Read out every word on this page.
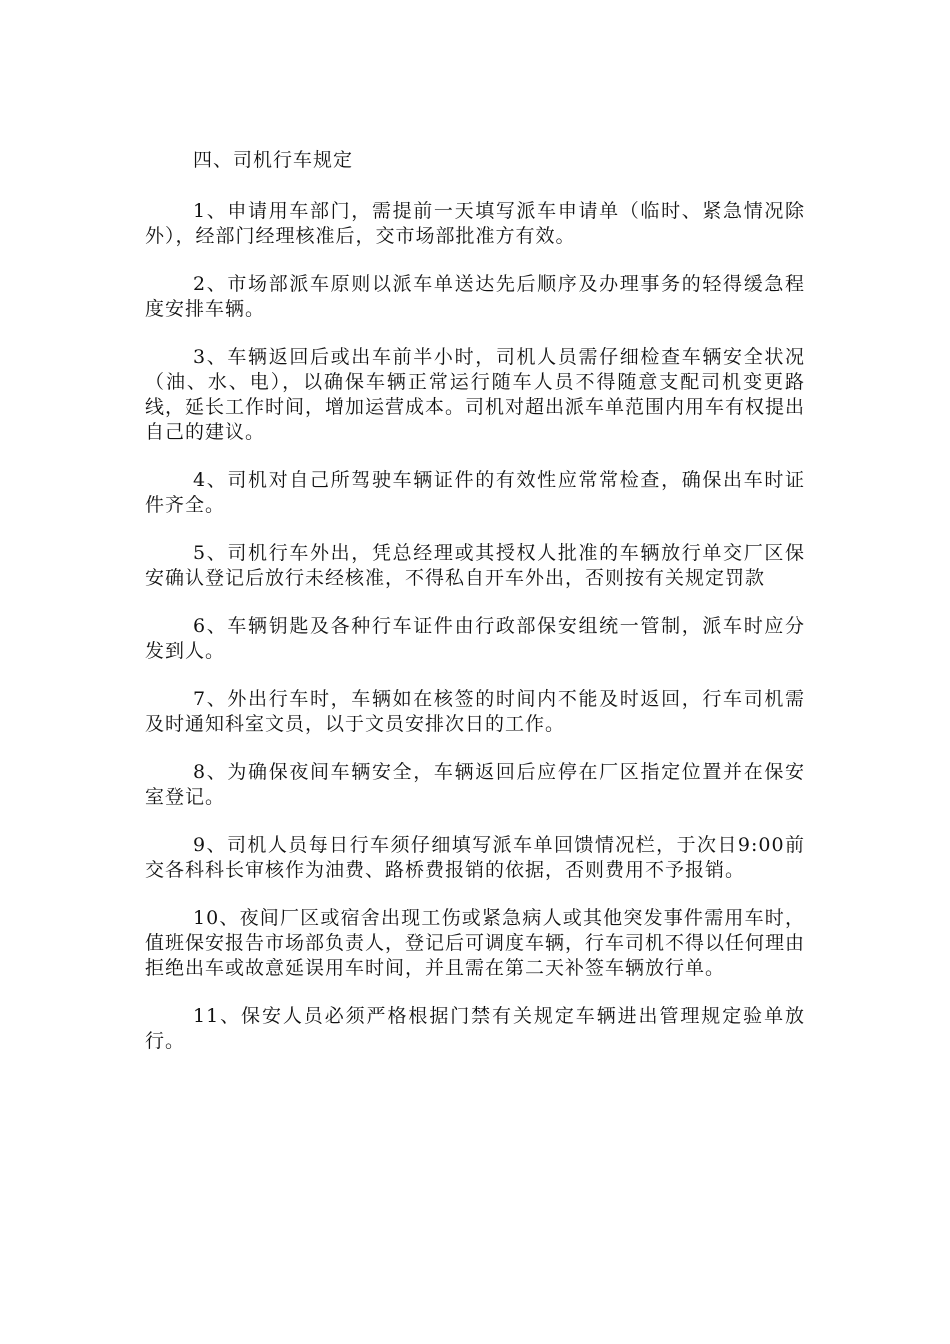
四、司机行车规定

1、申请用车部门，需提前一天填写派车申请单（临时、紧急情况除外），经部门经理核准后，交市场部批准方有效。

2、市场部派车原则以派车单送达先后顺序及办理事务的轻得缓急程度安排车辆。

3、车辆返回后或出车前半小时，司机人员需仔细检查车辆安全状况（油、水、电），以确保车辆正常运行随车人员不得随意支配司机变更路线，延长工作时间，增加运营成本。司机对超出派车单范围内用车有权提出自己的建议。

4、司机对自己所驾驶车辆证件的有效性应常常检查，确保出车时证件齐全。

5、司机行车外出，凭总经理或其授权人批准的车辆放行单交厂区保安确认登记后放行未经核准，不得私自开车外出，否则按有关规定罚款

6、车辆钥匙及各种行车证件由行政部保安组统一管制，派车时应分发到人。

7、外出行车时，车辆如在核签的时间内不能及时返回，行车司机需及时通知科室文员，以于文员安排次日的工作。

8、为确保夜间车辆安全，车辆返回后应停在厂区指定位置并在保安室登记。

9、司机人员每日行车须仔细填写派车单回馈情况栏，于次日9:00前交各科科长审核作为油费、路桥费报销的依据，否则费用不予报销。

10、夜间厂区或宿舍出现工伤或紧急病人或其他突发事件需用车时，值班保安报告市场部负责人，登记后可调度车辆，行车司机不得以任何理由拒绝出车或故意延误用车时间，并且需在第二天补签车辆放行单。

11、保安人员必须严格根据门禁有关规定车辆进出管理规定验单放行。
